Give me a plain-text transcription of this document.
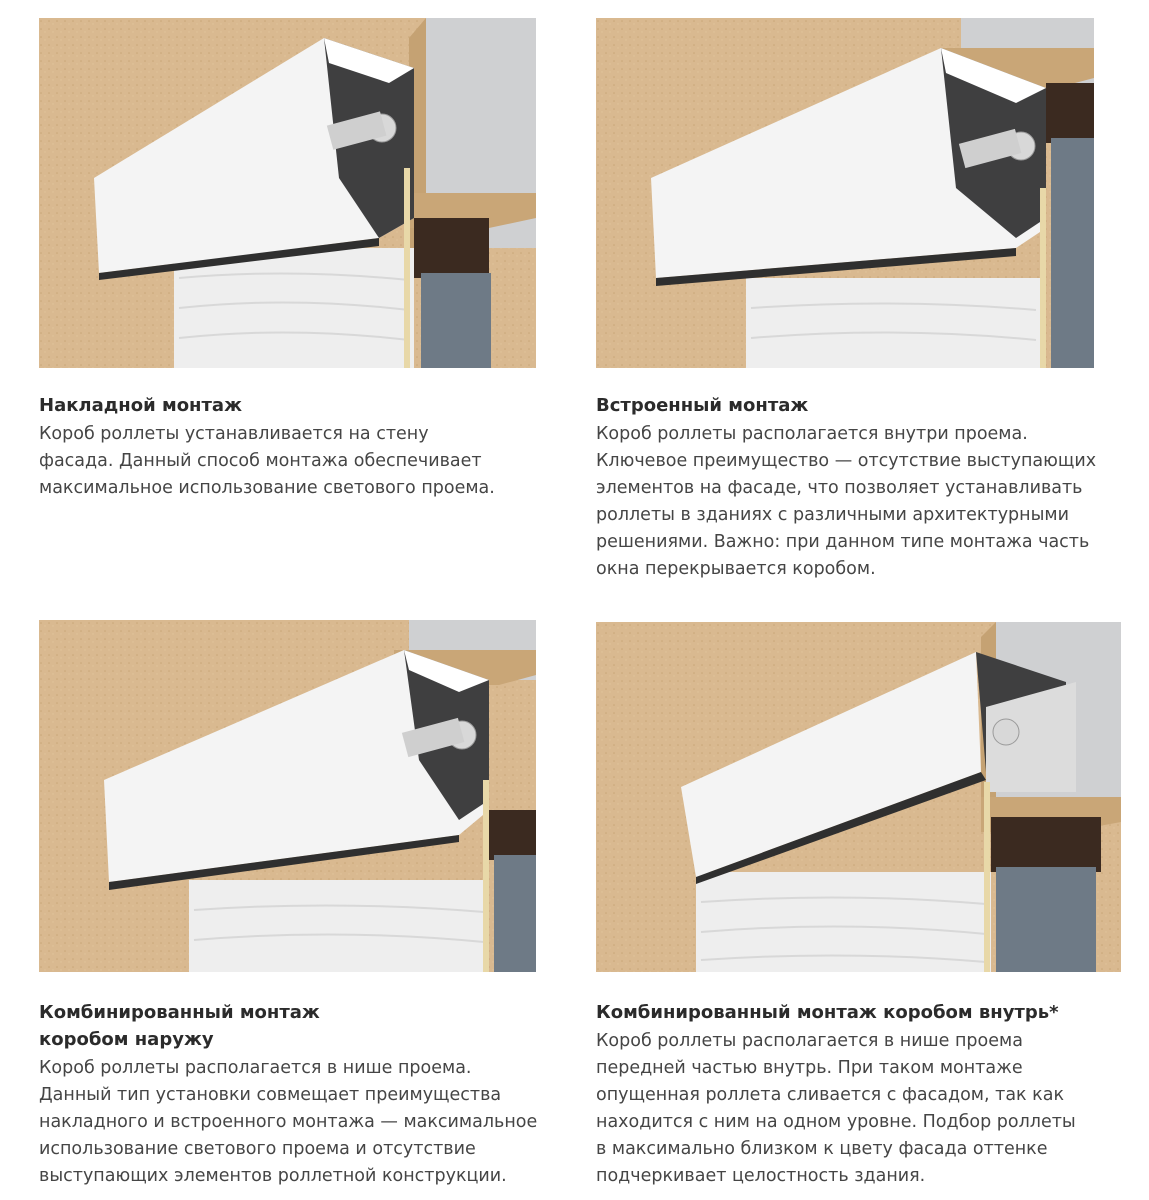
Накладной монтаж

Короб роллеты устанавливается на стену
фасада. Данный способ монтажа обеспечивает
максимальное использование светового проема.

Встроенный монтаж

Короб роллеты располагается внутри проема.
Ключевое преимущество — отсутствие выступающих
элементов на фасаде, что позволяет устанавливать
роллеты в зданиях с различными архитектурными
решениями. Важно: при данном типе монтажа часть
окна перекрывается коробом.

Комбинированный монтаж
коробом наружу

Короб роллеты располагается в нише проема.
Данный тип установки совмещает преимущества
накладного и встроенного монтажа — максимальное
использование светового проема и отсутствие
выступающих элементов роллетной конструкции.

Комбинированный монтаж коробом внутрь*

Короб роллеты располагается в нише проема
передней частью внутрь. При таком монтаже
опущенная роллета сливается с фасадом, так как
находится с ним на одном уровне. Подбор роллеты
в максимально близком к цвету фасада оттенке
подчеркивает целостность здания.
